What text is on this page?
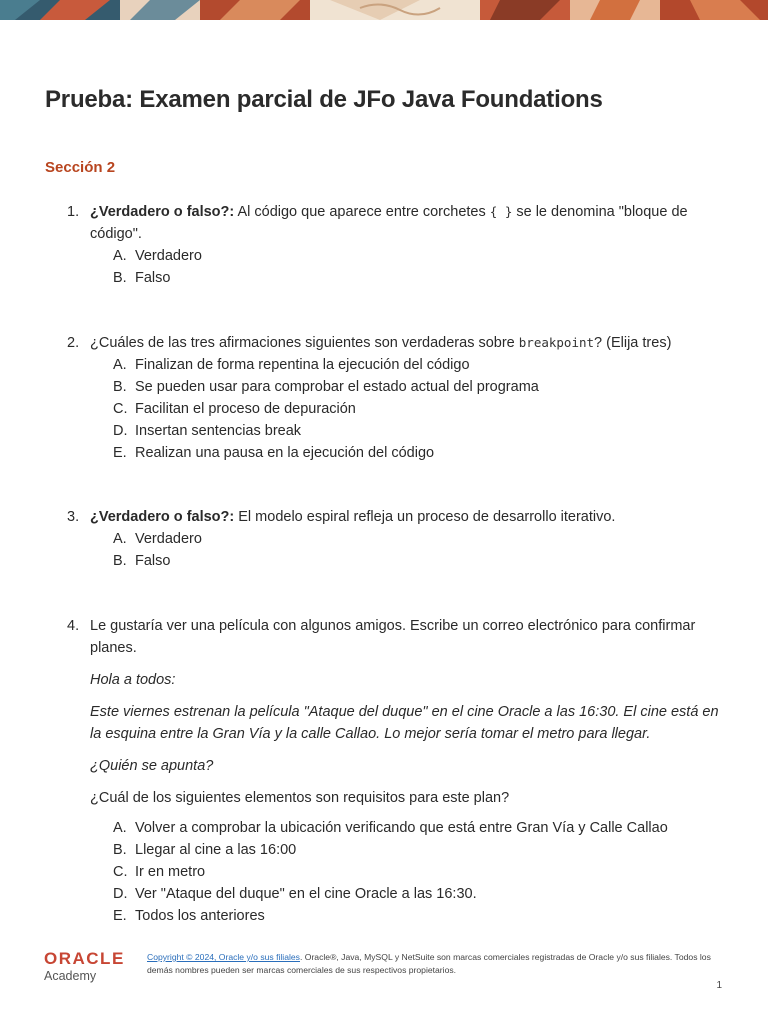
Prueba: Examen parcial de JFo Java Foundations
Sección 2
1. ¿Verdadero o falso?: Al código que aparece entre corchetes { } se le denomina "bloque de código".
A. Verdadero
B. Falso
2. ¿Cuáles de las tres afirmaciones siguientes son verdaderas sobre breakpoint? (Elija tres)
A. Finalizan de forma repentina la ejecución del código
B. Se pueden usar para comprobar el estado actual del programa
C. Facilitan el proceso de depuración
D. Insertan sentencias break
E. Realizan una pausa en la ejecución del código
3. ¿Verdadero o falso?: El modelo espiral refleja un proceso de desarrollo iterativo.
A. Verdadero
B. Falso
4. Le gustaría ver una película con algunos amigos. Escribe un correo electrónico para confirmar planes.
Hola a todos:
Este viernes estrenan la película "Ataque del duque" en el cine Oracle a las 16:30. El cine está en la esquina entre la Gran Vía y la calle Callao. Lo mejor sería tomar el metro para llegar.
¿Quién se apunta?
¿Cuál de los siguientes elementos son requisitos para este plan?
A. Volver a comprobar la ubicación verificando que está entre Gran Vía y Calle Callao
B. Llegar al cine a las 16:00
C. Ir en metro
D. Ver "Ataque del duque" en el cine Oracle a las 16:30.
E. Todos los anteriores
ORACLE
Academy
Copyright © 2024, Oracle y/o sus filiales. Oracle®, Java, MySQL y NetSuite son marcas comerciales registradas de Oracle y/o sus filiales. Todos los demás nombres pueden ser marcas comerciales de sus respectivos propietarios.
1
